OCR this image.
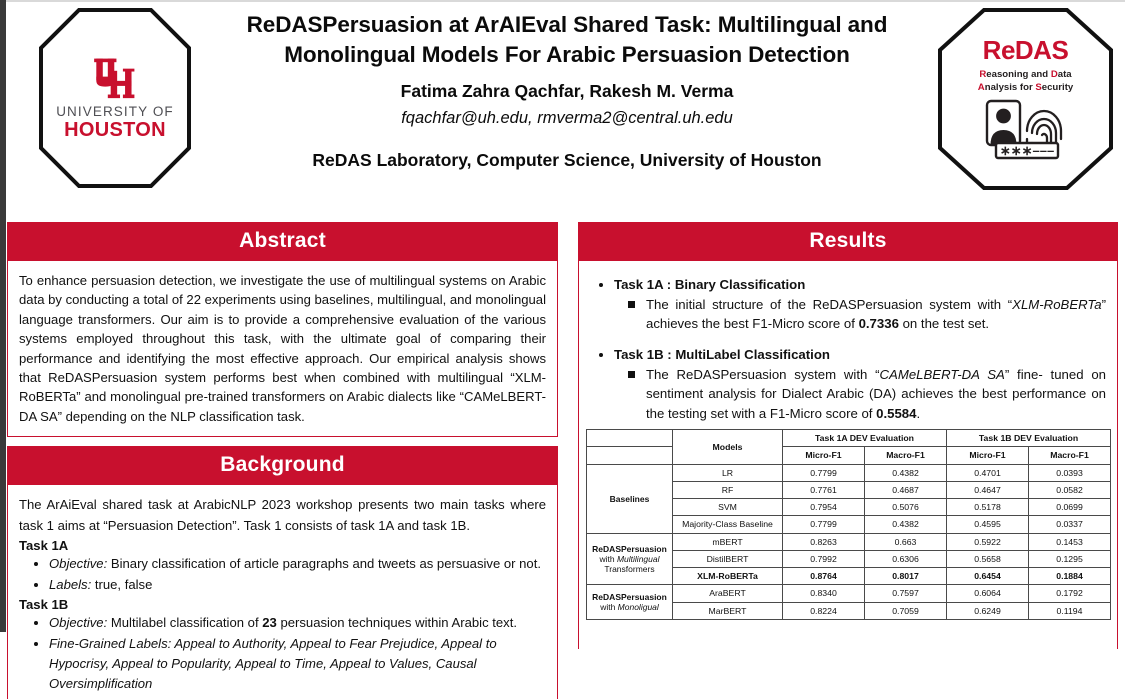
UNIVERSITY OF
HOUSTON
ReDASPersuasion at ArAIEval Shared Task: Multilingual and
Monolingual Models For Arabic Persuasion Detection
Fatima Zahra Qachfar, Rakesh M. Verma
fqachfar@uh.edu, rmverma2@central.uh.edu
ReDAS Laboratory, Computer Science, University of Houston
ReDAS
Reasoning and Data
Analysis for Security
∗∗∗–––
Abstract
To enhance persuasion detection, we investigate the use of multilingual systems on Arabic data by conducting a total of 22 experiments using baselines, multilingual, and monolingual language transformers. Our aim is to provide a comprehensive evaluation of the various systems employed throughout this task, with the ultimate goal of comparing their performance and identifying the most effective approach. Our empirical analysis shows that ReDASPersuasion system performs best when combined with multilingual “XLM-RoBERTa” and monolingual pre-trained transformers on Arabic dialects like “CAMeLBERT-DA SA” depending on the NLP classification task.
Background
The ArAiEval shared task at ArabicNLP 2023 workshop presents two main tasks where task 1 aims at “Persuasion Detection”. Task 1 consists of task 1A and task 1B.
Task 1A
• Objective: Binary classification of article paragraphs and tweets as persuasive or not.
• Labels: true, false
Task 1B
• Objective: Multilabel classification of 23 persuasion techniques within Arabic text.
• Fine-Grained Labels: Appeal to Authority, Appeal to Fear Prejudice, Appeal to Hypocrisy, Appeal to Popularity, Appeal to Time, Appeal to Values, Causal Oversimplification
Results
• Task 1A : Binary Classification
The initial structure of the ReDASPersuasion system with “XLM-RoBERTa” achieves the best F1-Micro score of 0.7336 on the test set.
• Task 1B : MultiLabel Classification
The ReDASPersuasion system with “CAMeLBERT-DA SA” fine- tuned on sentiment analysis for Dialect Arabic (DA) achieves the best performance on the testing set with a F1-Micro score of 0.5584.
	Models	Task 1A DEV Evaluation		Task 1B DEV Evaluation	
		Micro-F1	Macro-F1	Micro-F1	Macro-F1
Baselines	LR	0.7799	0.4382	0.4701	0.0393
	RF	0.7761	0.4687	0.4647	0.0582
	SVM	0.7954	0.5076	0.5178	0.0699
	Majority-Class Baseline	0.7799	0.4382	0.4595	0.0337
ReDASPersuasion
with Multilingual
Transformers	mBERT	0.8263	0.663	0.5922	0.1453
	DistilBERT	0.7992	0.6306	0.5658	0.1295
	XLM-RoBERTa	0.8764	0.8017	0.6454	0.1884
ReDASPersuasion
with Monoligual	AraBERT	0.8340	0.7597	0.6064	0.1792
	MarBERT	0.8224	0.7059	0.6249	0.1194
